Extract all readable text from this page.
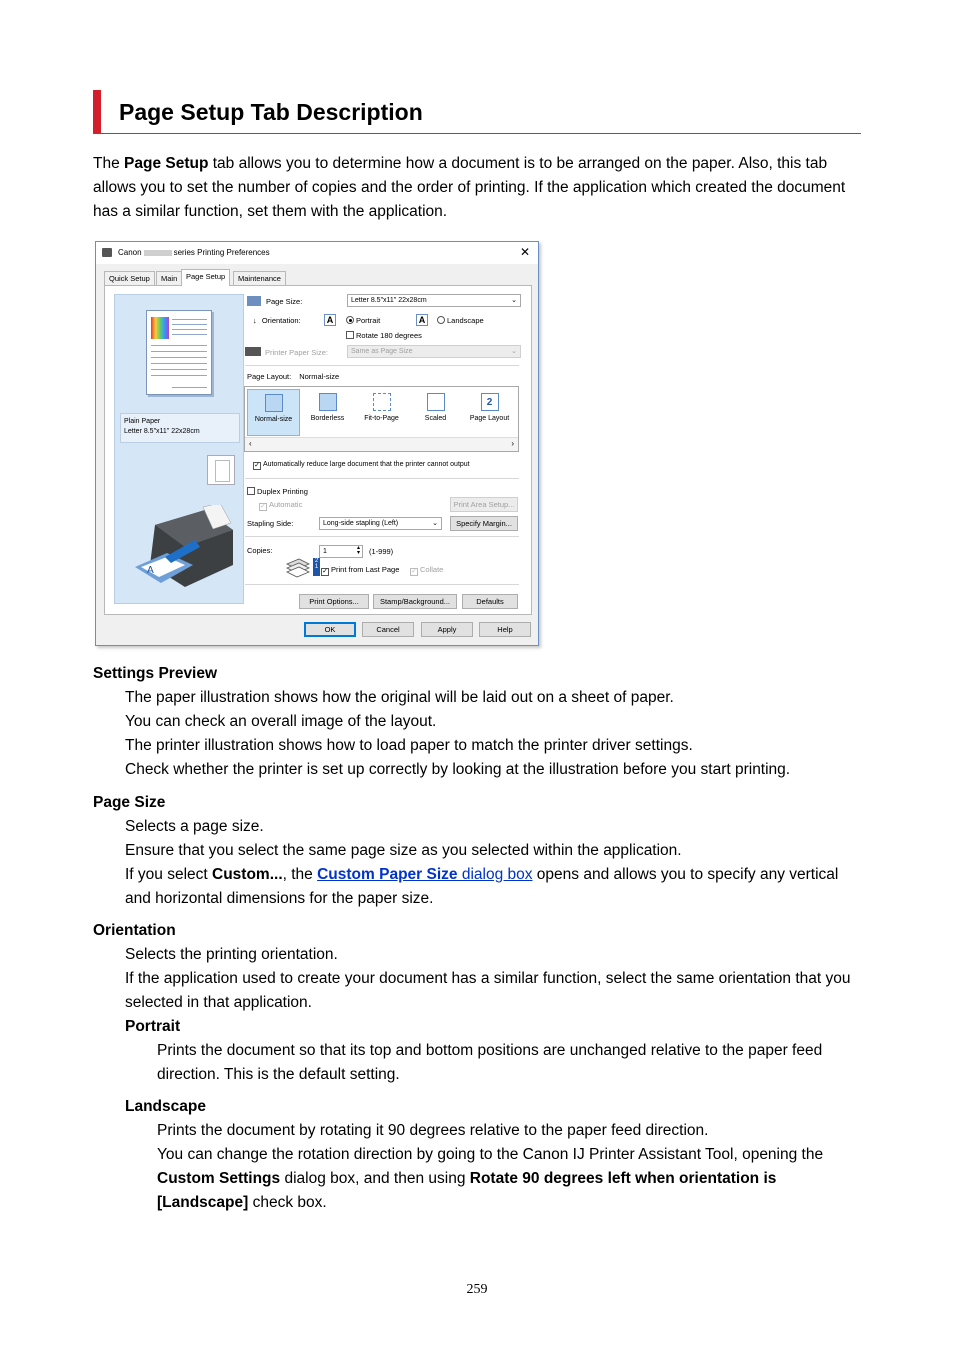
Page Setup Tab Description
The Page Setup tab allows you to determine how a document is to be arranged on the paper. Also, this tab allows you to set the number of copies and the order of printing. If the application which created the document has a similar function, set them with the application.
Canon	series Printing Preferences	✕
Quick Setup	Main	Page Setup	Maintenance
Plain Paper
Letter 8.5"x11" 22x28cm
A
Page Size:	Letter 8.5"x11" 22x28cm	⌄
↓ Orientation:	A	Portrait	A	Landscape
Rotate 180 degrees
Printer Paper Size:	Same as Page Size	⌄
Page Layout: Normal-size
Normal-size	Borderless	Fit-to-Page	Scaled
2
Page Layout
‹	›
✓ Automatically reduce large document that the printer cannot output
Duplex Printing
✓ Automatic	Print Area Setup...
Stapling Side:	Long-side stapling (Left)	⌄	Specify Margin...
Copies:
2
1
1	▴
▾ (1-999)
✓ Print from Last Page ✓ Collate
Print Options...	Stamp/Background...	Defaults
OK	Cancel	Apply	Help
Settings Preview
The paper illustration shows how the original will be laid out on a sheet of paper.
You can check an overall image of the layout.
The printer illustration shows how to load paper to match the printer driver settings.
Check whether the printer is set up correctly by looking at the illustration before you start printing.
Page Size
Selects a page size.
Ensure that you select the same page size as you selected within the application.
If you select Custom..., the Custom Paper Size dialog box opens and allows you to specify any vertical and horizontal dimensions for the paper size.
Orientation
Selects the printing orientation.
If the application used to create your document has a similar function, select the same orientation that you selected in that application.
Portrait
Prints the document so that its top and bottom positions are unchanged relative to the paper feed direction. This is the default setting.
Landscape
Prints the document by rotating it 90 degrees relative to the paper feed direction.
You can change the rotation direction by going to the Canon IJ Printer Assistant Tool, opening the Custom Settings dialog box, and then using Rotate 90 degrees left when orientation is [Landscape] check box.
259
